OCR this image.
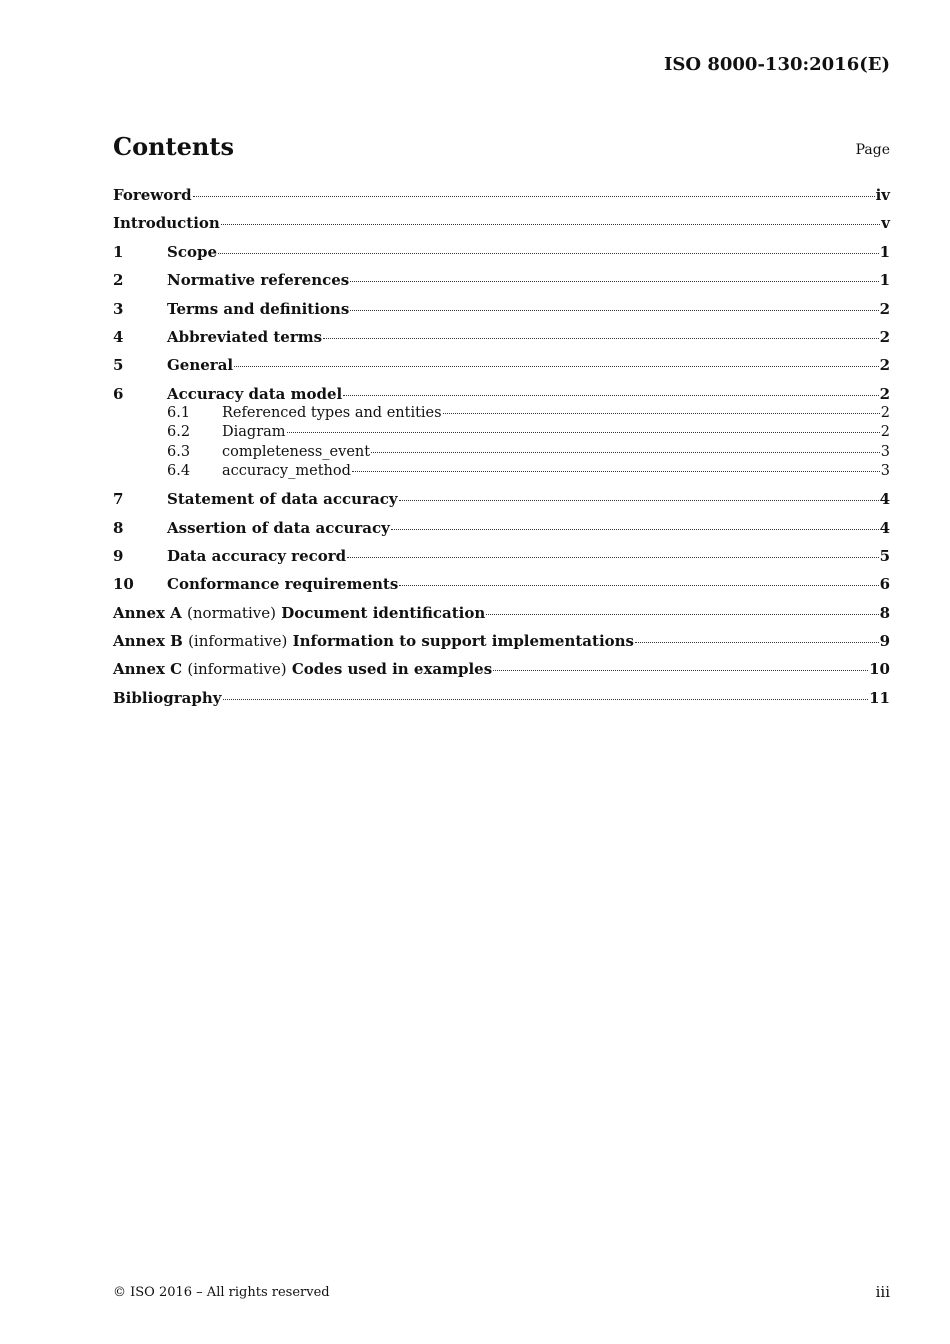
ISO 8000-130:2016(E)
Contents	Page
Foreword	iv
Introduction	v
1	Scope	1
2	Normative references	1
3	Terms and definitions	2
4	Abbreviated terms	2
5	General	2
6	Accuracy data model	2
6.1	Referenced types and entities	2
6.2	Diagram	2
6.3	completeness_event	3
6.4	accuracy_method	3
7	Statement of data accuracy	4
8	Assertion of data accuracy	4
9	Data accuracy record	5
10	Conformance requirements	6
Annex A (normative) Document identification	8
Annex B (informative) Information to support implementations	9
Annex C (informative) Codes used in examples	10
Bibliography	11
© ISO 2016 – All rights reserved	iii
